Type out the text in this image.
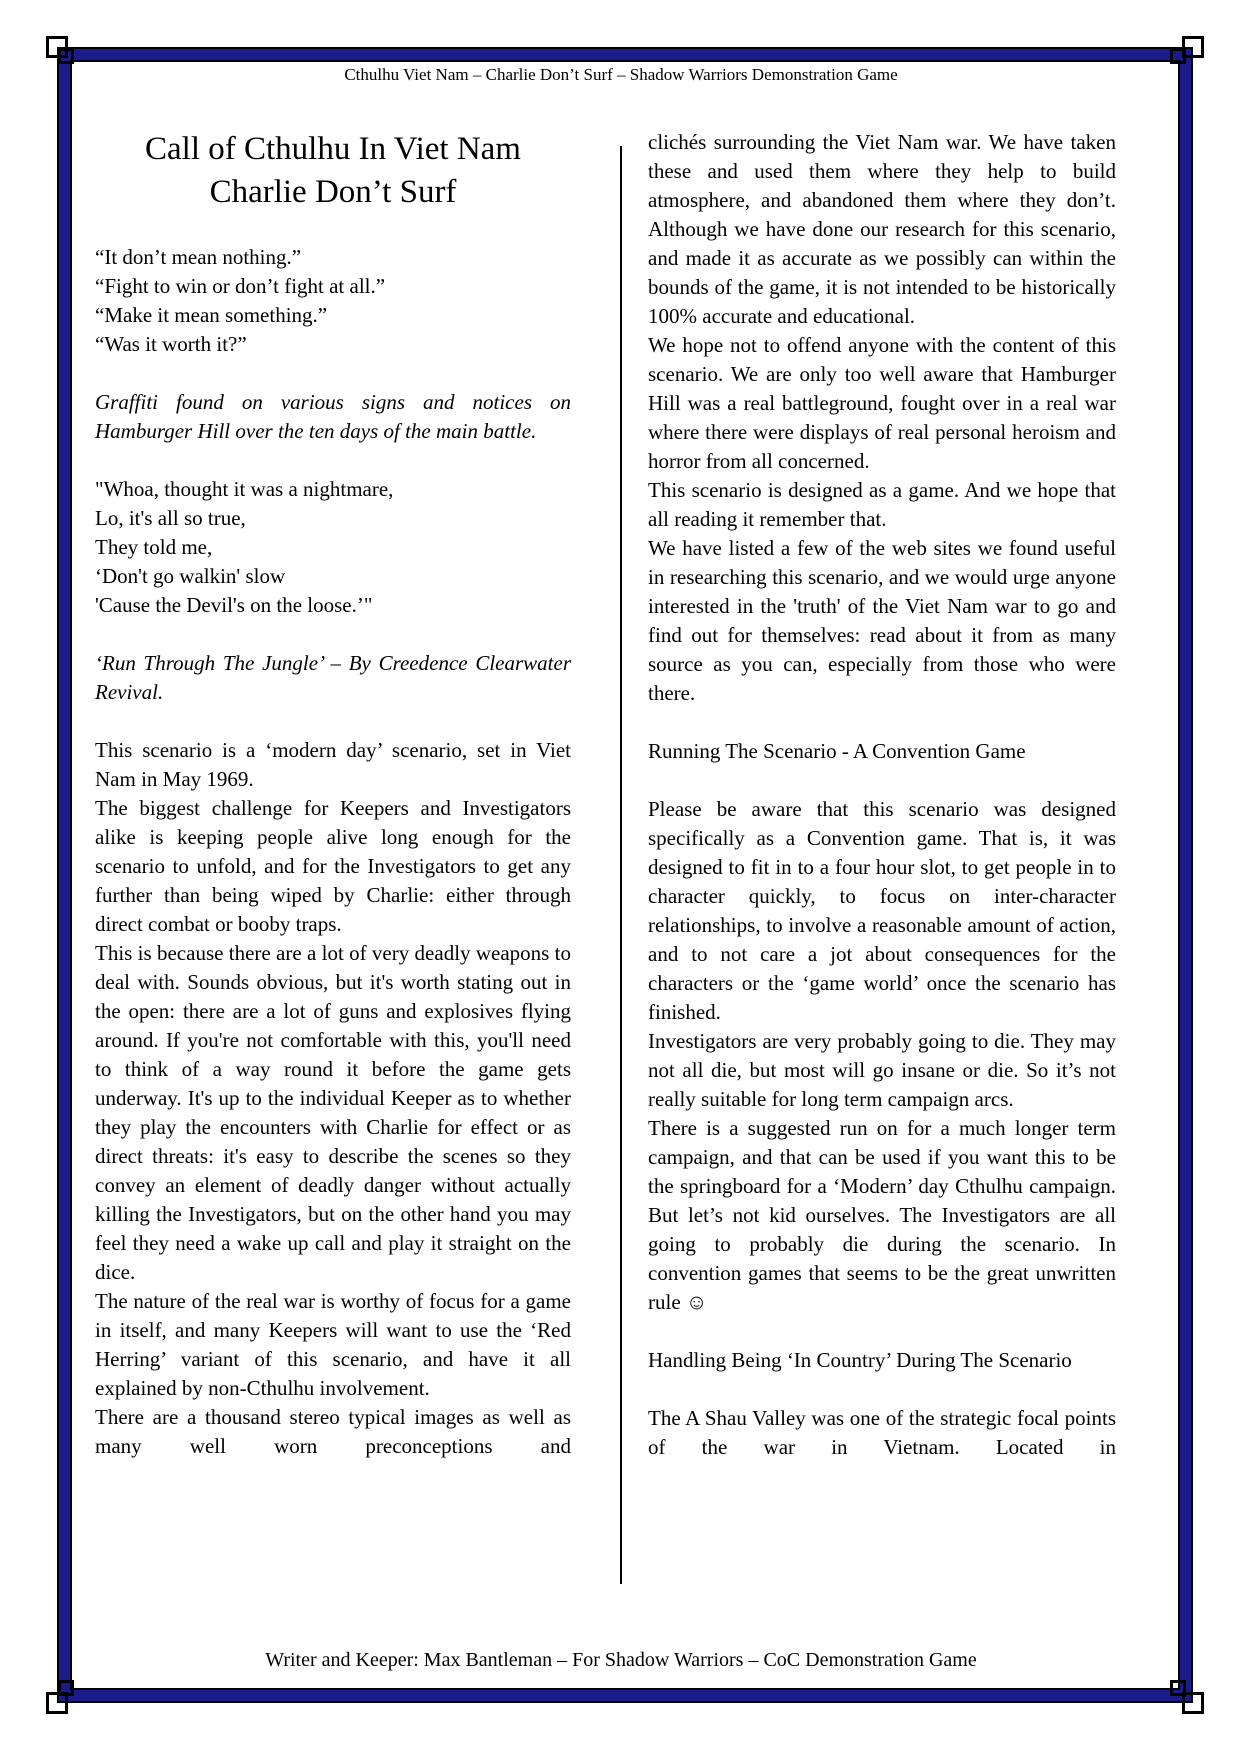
Cthulhu Viet Nam – Charlie Don’t Surf – Shadow Warriors Demonstration Game
Call of Cthulhu In Viet Nam
Charlie Don’t Surf
“It don’t mean nothing.”
“Fight to win or don’t fight at all.”
“Make it mean something.”
“Was it worth it?”
Graffiti found on various signs and notices on Hamburger Hill over the ten days of the main battle.
"Whoa, thought it was a nightmare,
Lo, it's all so true,
They told me,
‘Don't go walkin' slow
'Cause the Devil's on the loose.’"
‘Run Through The Jungle’ – By Creedence Clearwater Revival.
This scenario is a ‘modern day’ scenario, set in Viet Nam in May 1969.
The biggest challenge for Keepers and Investigators alike is keeping people alive long enough for the scenario to unfold, and for the Investigators to get any further than being wiped by Charlie: either through direct combat or booby traps.
This is because there are a lot of very deadly weapons to deal with. Sounds obvious, but it's worth stating out in the open: there are a lot of guns and explosives flying around. If you're not comfortable with this, you'll need to think of a way round it before the game gets underway. It's up to the individual Keeper as to whether they play the encounters with Charlie for effect or as direct threats: it's easy to describe the scenes so they convey an element of deadly danger without actually killing the Investigators, but on the other hand you may feel they need a wake up call and play it straight on the dice.
The nature of the real war is worthy of focus for a game in itself, and many Keepers will want to use the ‘Red Herring’ variant of this scenario, and have it all explained by non-Cthulhu involvement.
There are a thousand stereo typical images as well as many well worn preconceptions and
clichés surrounding the Viet Nam war. We have taken these and used them where they help to build atmosphere, and abandoned them where they don’t. Although we have done our research for this scenario, and made it as accurate as we possibly can within the bounds of the game, it is not intended to be historically 100% accurate and educational.
We hope not to offend anyone with the content of this scenario. We are only too well aware that Hamburger Hill was a real battleground, fought over in a real war where there were displays of real personal heroism and horror from all concerned.
This scenario is designed as a game. And we hope that all reading it remember that.
We have listed a few of the web sites we found useful in researching this scenario, and we would urge anyone interested in the 'truth' of the Viet Nam war to go and find out for themselves: read about it from as many source as you can, especially from those who were there.
Running The Scenario - A Convention Game
Please be aware that this scenario was designed specifically as a Convention game. That is, it was designed to fit in to a four hour slot, to get people in to character quickly, to focus on inter-character relationships, to involve a reasonable amount of action, and to not care a jot about consequences for the characters or the ‘game world’ once the scenario has finished.
Investigators are very probably going to die. They may not all die, but most will go insane or die. So it’s not really suitable for long term campaign arcs.
There is a suggested run on for a much longer term campaign, and that can be used if you want this to be the springboard for a ‘Modern’ day Cthulhu campaign. But let’s not kid ourselves. The Investigators are all going to probably die during the scenario. In convention games that seems to be the great unwritten rule ☺
Handling Being ‘In Country’ During The Scenario
The A Shau Valley was one of the strategic focal points of the war in Vietnam. Located in
Writer and Keeper: Max Bantleman – For Shadow Warriors – CoC Demonstration Game
